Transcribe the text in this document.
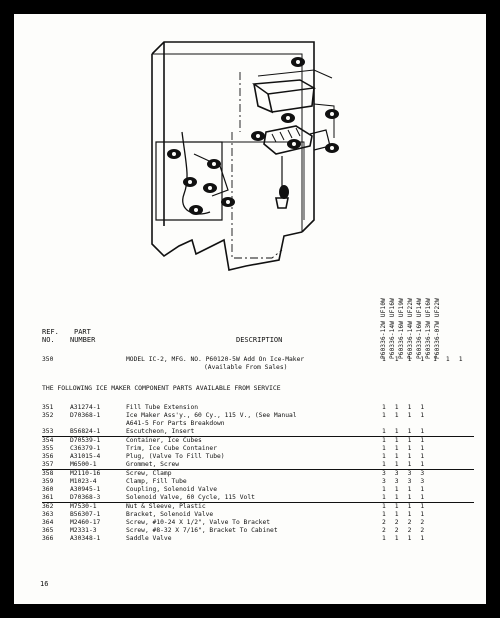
P60336-12W UF10W P60336-14W UF16W P60336-16W UF19W P60336-14W UF22W P60336-16W UF14W P60336-13W UF16W P60336-07W UF22W
REF.
NO.
PART
NUMBER	DESCRIPTION
350	MODEL IC-2, MFG. NO. P60120-5W Add On Ice-Maker	1 1 1 1 1 1 1
(Available From Sales)
THE FOLLOWING ICE MAKER COMPONENT PARTS AVAILABLE FROM SERVICE
351	A31274-1	Fill Tube Extension	1 1 1 1
352	D70368-1	Ice Maker Ass'y., 60 Cy., 115 V., (See Manual	1 1 1 1
A641-5 For Parts Breakdown
353	B56824-1	Escutcheon, Insert	1 1 1 1
354	D70539-1	Container, Ice Cubes	1 1 1 1
355	C36379-1	Trim, Ice Cube Container	1 1 1 1
356	A31015-4	Plug, (Valve To Fill Tube)	1 1 1 1
357	M6500-1	Grommet, Screw	1 1 1 1
358	M2110-16	Screw, Clamp	3 3 3 3
359	M1023-4	Clamp, Fill Tube	3 3 3 3
360	A30945-1	Coupling, Solenoid Valve	1 1 1 1
361	D70368-3	Solenoid Valve, 60 Cycle, 115 Volt	1 1 1 1
362	M7530-1	Nut & Sleeve, Plastic	1 1 1 1
363	B56307-1	Bracket, Solenoid Valve	1 1 1 1
364	M2460-17	Screw, #10-24 X 1/2", Valve To Bracket	2 2 2 2
365	M2331-3	Screw, #8-32 X 7/16", Bracket To Cabinet	2 2 2 2
366	A30348-1	Saddle Valve	1 1 1 1
16
